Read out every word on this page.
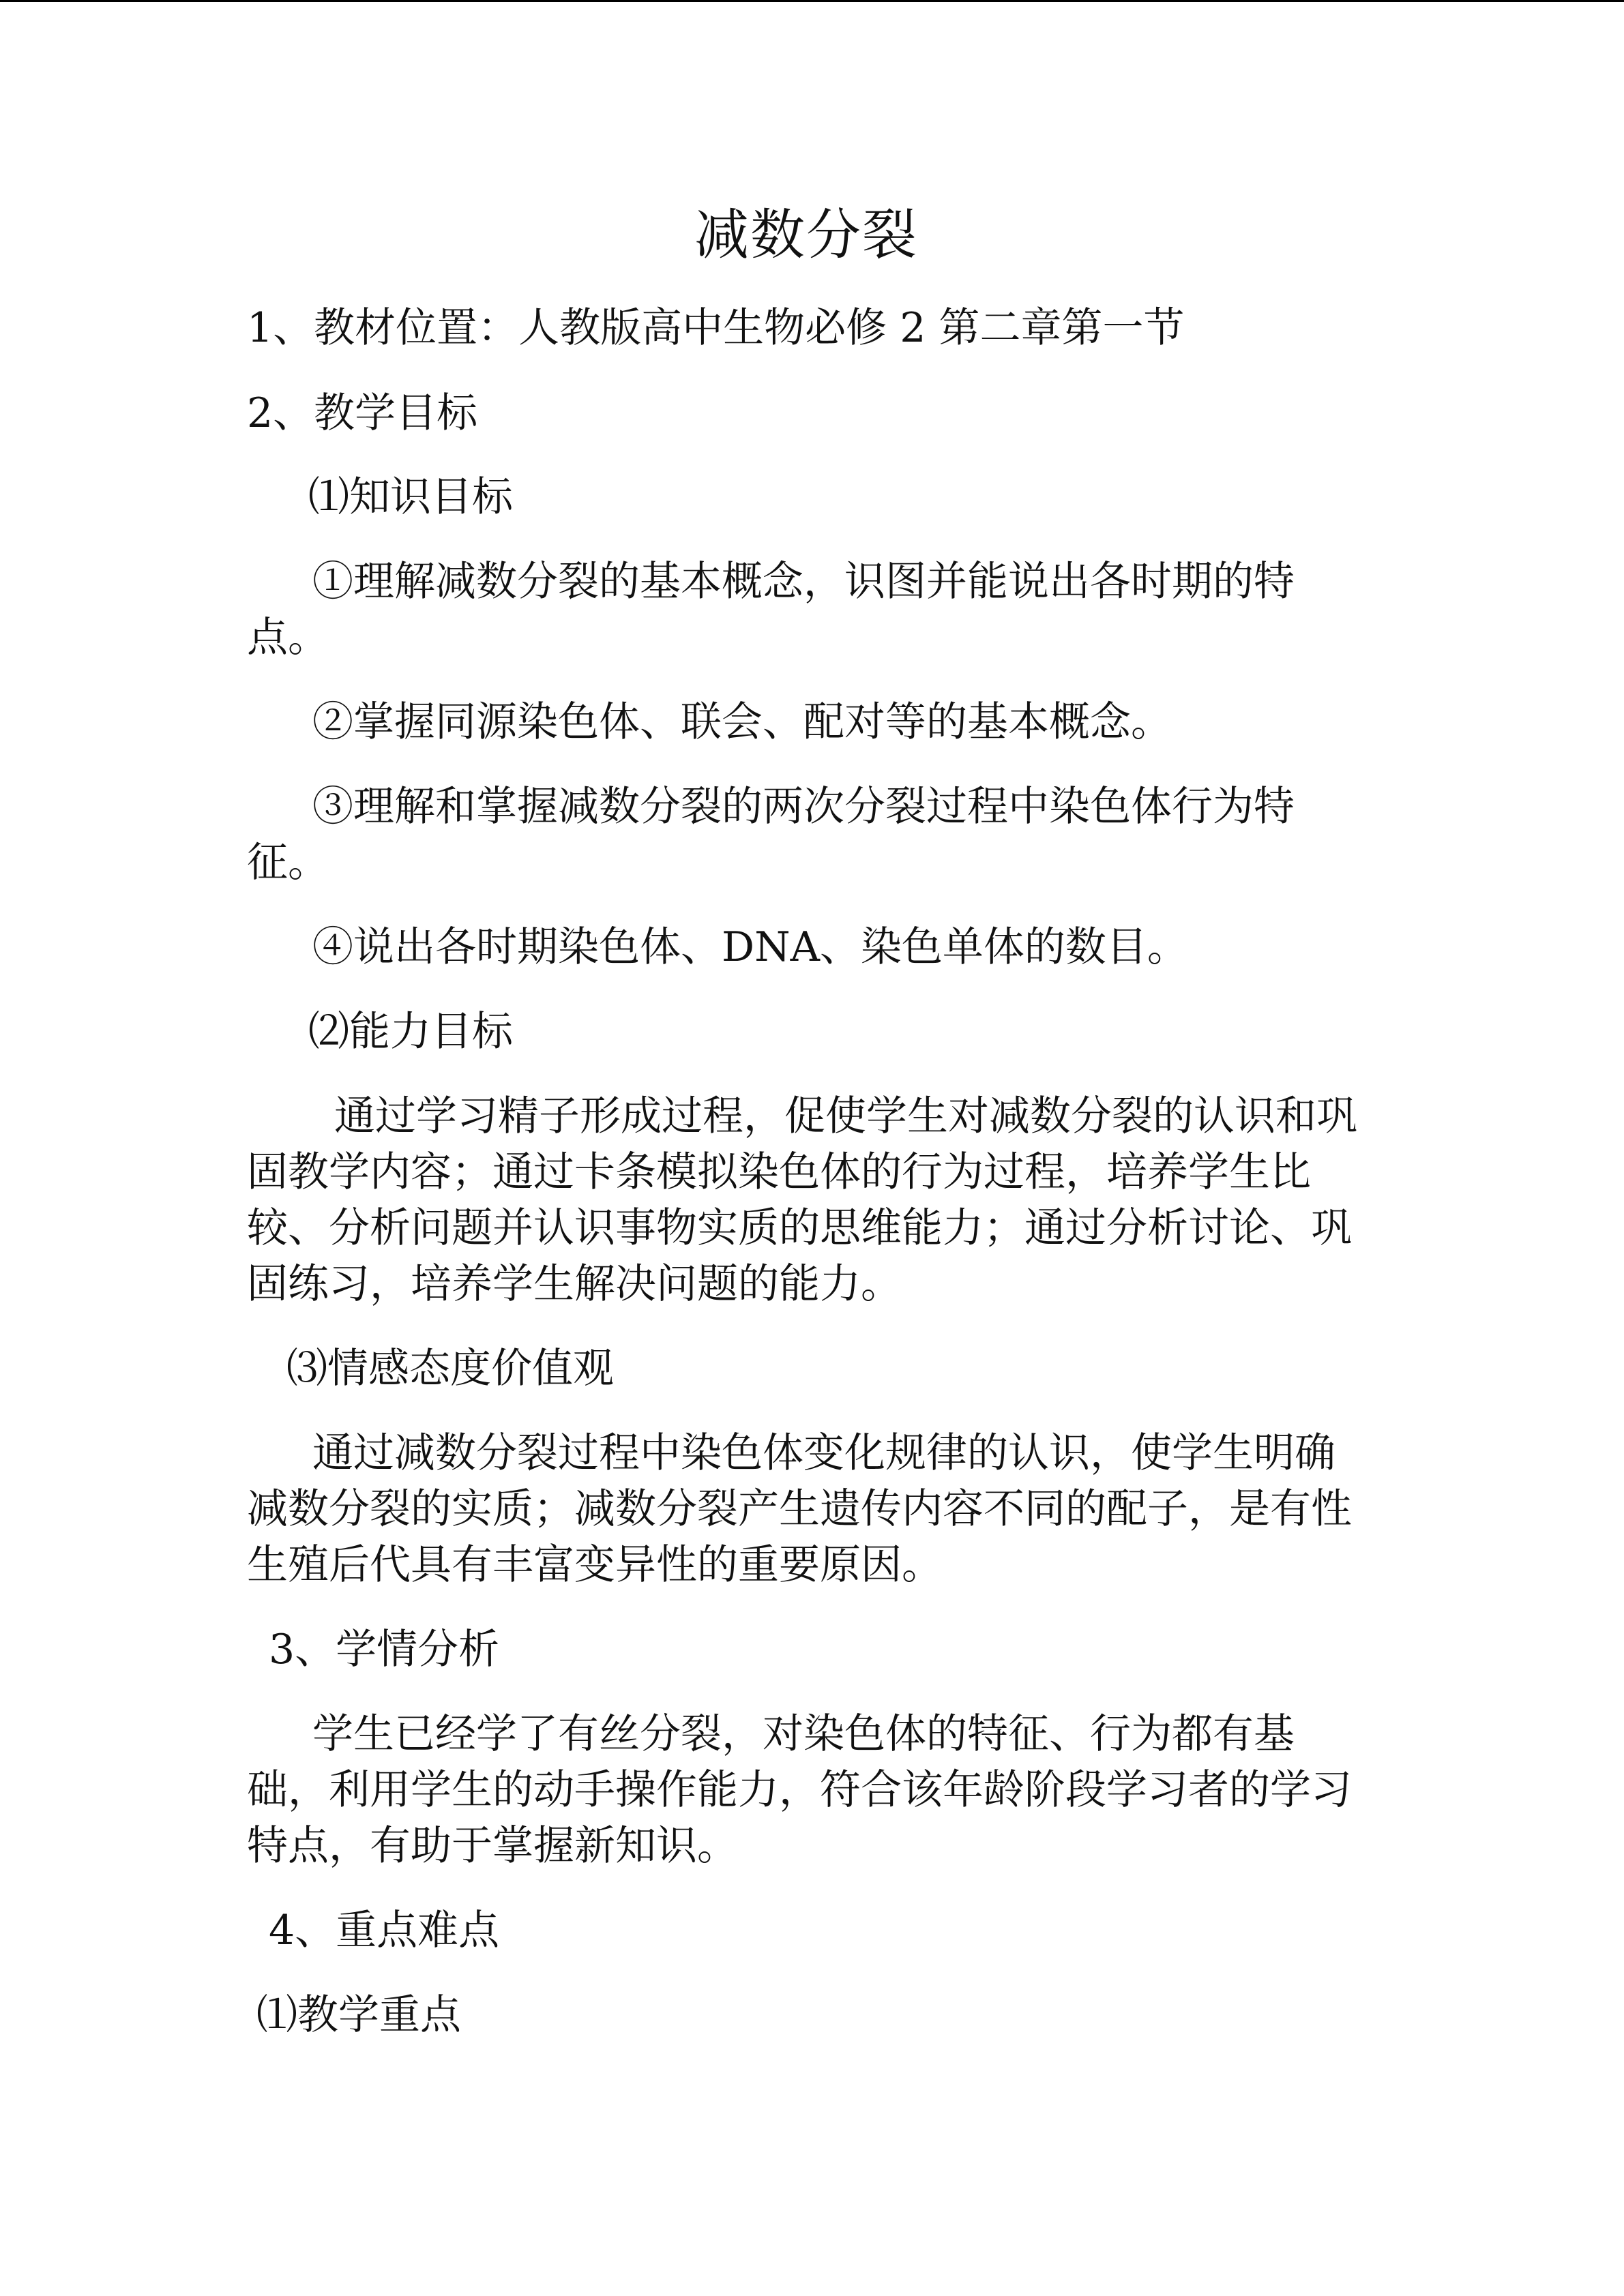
减数分裂
1、教材位置：人教版高中生物必修 2 第二章第一节
2、教学目标
⑴知识目标
①理解减数分裂的基本概念，识图并能说出各时期的特点。
②掌握同源染色体、联会、配对等的基本概念。
③理解和掌握减数分裂的两次分裂过程中染色体行为特征。
④说出各时期染色体、DNA、染色单体的数目。
⑵能力目标
通过学习精子形成过程，促使学生对减数分裂的认识和巩固教学内容；通过卡条模拟染色体的行为过程，培养学生比较、分析问题并认识事物实质的思维能力；通过分析讨论、巩固练习，培养学生解决问题的能力。
⑶情感态度价值观
通过减数分裂过程中染色体变化规律的认识，使学生明确减数分裂的实质；减数分裂产生遗传内容不同的配子，是有性生殖后代具有丰富变异性的重要原因。
3、学情分析
学生已经学了有丝分裂，对染色体的特征、行为都有基础，利用学生的动手操作能力，符合该年龄阶段学习者的学习特点，有助于掌握新知识。
4、重点难点
⑴教学重点
